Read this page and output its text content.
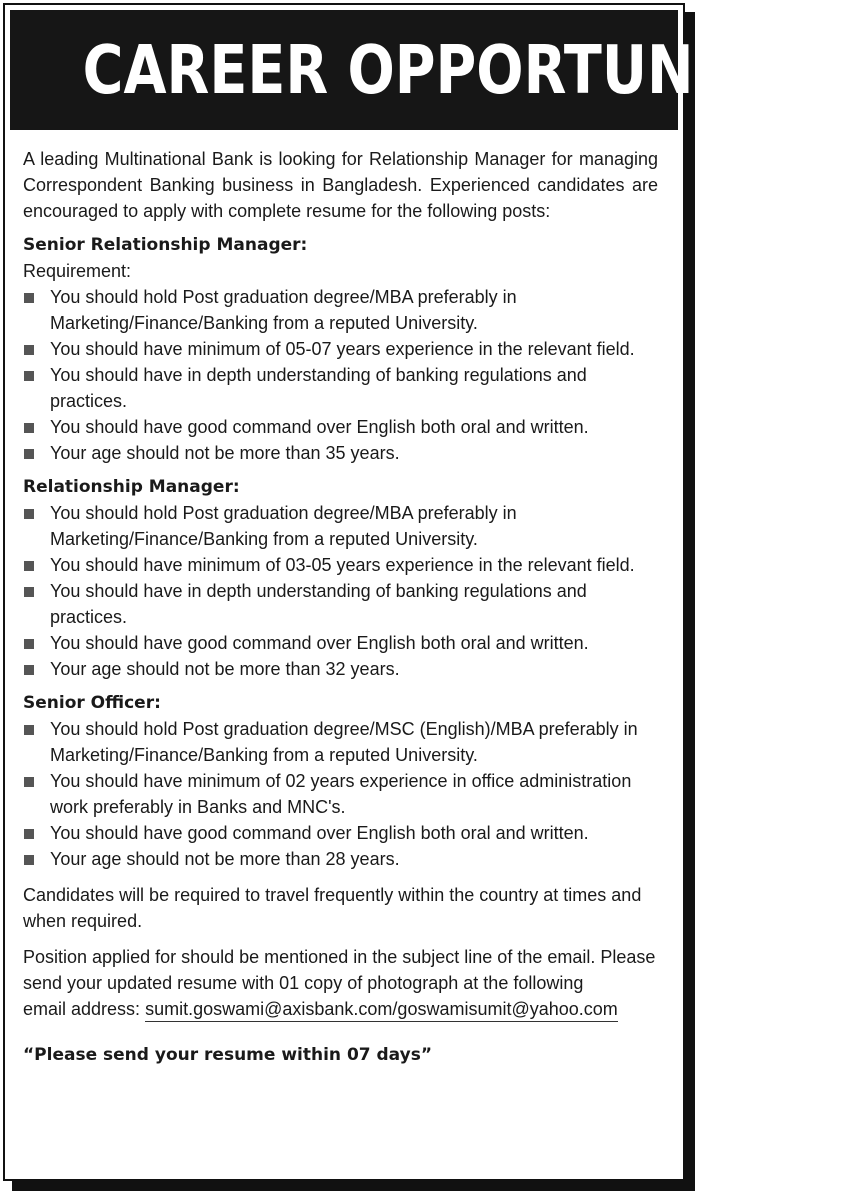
CAREER OPPORTUNITY

A leading Multinational Bank is looking for Relationship Manager for managing Correspondent Banking business in Bangladesh. Experienced candidates are encouraged to apply with complete resume for the following posts:

Senior Relationship Manager:
Requirement:
You should hold Post graduation degree/MBA preferably in Marketing/Finance/Banking from a reputed University.
You should have minimum of 05-07 years experience in the relevant field.
You should have in depth understanding of banking regulations and practices.
You should have good command over English both oral and written.
Your age should not be more than 35 years.
Relationship Manager:
You should hold Post graduation degree/MBA preferably in Marketing/Finance/Banking from a reputed University.
You should have minimum of 03-05 years experience in the relevant field.
You should have in depth understanding of banking regulations and practices.
You should have good command over English both oral and written.
Your age should not be more than 32 years.
Senior Officer:
You should hold Post graduation degree/MSC (English)/MBA preferably in Marketing/Finance/Banking from a reputed University.
You should have minimum of 02 years experience in office administration work preferably in Banks and MNC's.
You should have good command over English both oral and written.
Your age should not be more than 28 years.

Candidates will be required to travel frequently within the country at times and when required.

Position applied for should be mentioned in the subject line of the email. Please send your updated resume with 01 copy of photograph at the following

email address: sumit.goswami@axisbank.com/goswamisumit@yahoo.com

“Please send your resume within 07 days”
